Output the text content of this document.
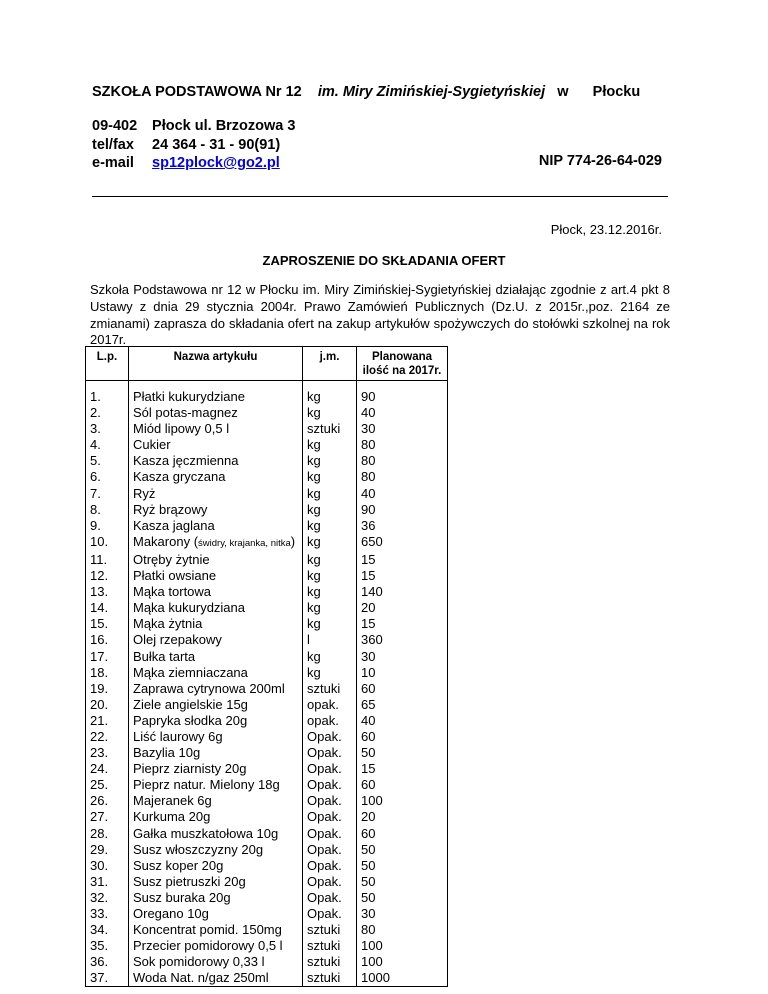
SZKOŁA PODSTAWOWA Nr 12 im. Miry Zimińskiej-Sygietyńskiej w Płocku
09-402 Płock ul. Brzozowa 3
tel/fax 24 364 - 31 - 90(91)
e-mail sp12plock@go2.pl	NIP 774-26-64-029
Płock, 23.12.2016r.
ZAPROSZENIE DO SKŁADANIA OFERT
Szkoła Podstawowa nr 12 w Płocku im. Miry Zimińskiej-Sygietyńskiej działając zgodnie z art.4 pkt 8 Ustawy z dnia 29 stycznia 2004r. Prawo Zamówień Publicznych (Dz.U. z 2015r.,poz. 2164 ze zmianami) zaprasza do składania ofert na zakup artykułów spożywczych do stołówki szkolnej na rok 2017r.
L.p.	Nazwa artykułu	j.m.	Planowana ilość na 2017r.

1.	Płatki kukurydziane	kg	90
2.	Sól potas-magnez	kg	40
3.	Miód lipowy 0,5 l	sztuki	30
4.	Cukier	kg	80
5.	Kasza jęczmienna	kg	80
6.	Kasza gryczana	kg	80
7.	Ryż	kg	40
8.	Ryż brązowy	kg	90
9.	Kasza jaglana	kg	36
10.	Makarony (świdry, krajanka, nitka)	kg	650
11.	Otręby żytnie	kg	15
12.	Płatki owsiane	kg	15
13.	Mąka tortowa	kg	140
14.	Mąka kukurydziana	kg	20
15.	Mąka żytnia	kg	15
16.	Olej rzepakowy	l	360
17.	Bułka tarta	kg	30
18.	Mąka ziemniaczana	kg	10
19.	Zaprawa cytrynowa 200ml	sztuki	60
20.	Ziele angielskie 15g	opak.	65
21.	Papryka słodka 20g	opak.	40
22.	Liść laurowy 6g	Opak.	60
23.	Bazylia 10g	Opak.	50
24.	Pieprz ziarnisty 20g	Opak.	15
25.	Pieprz natur. Mielony 18g	Opak.	60
26.	Majeranek 6g	Opak.	100
27.	Kurkuma 20g	Opak.	20
28.	Gałka muszkatołowa 10g	Opak.	60
29.	Susz włoszczyzny 20g	Opak.	50
30.	Susz koper 20g	Opak.	50
31.	Susz pietruszki 20g	Opak.	50
32.	Susz buraka 20g	Opak.	50
33.	Oregano 10g	Opak.	30
34.	Koncentrat pomid. 150mg	sztuki	80
35.	Przecier pomidorowy 0,5 l	sztuki	100
36.	Sok pomidorowy 0,33 l	sztuki	100
37.	Woda Nat. n/gaz 250ml	sztuki	1000
